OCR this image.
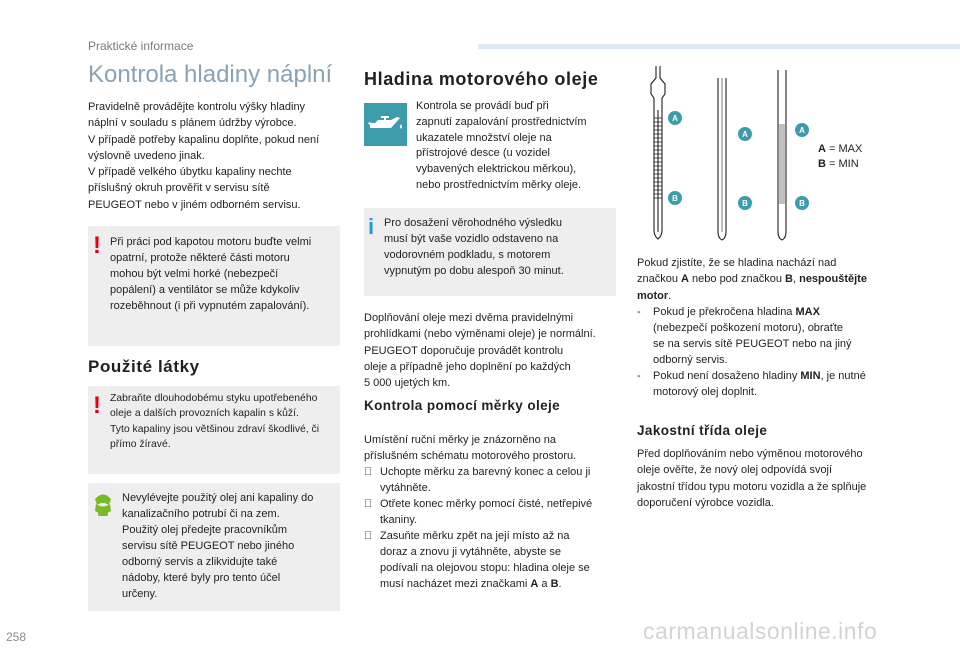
Praktické informace
Kontrola hladiny náplní

Pravidelně provádějte kontrolu výšky hladiny
náplní v souladu s plánem údržby výrobce.
V případě potřeby kapalinu doplňte, pokud není
výslovně uvedeno jinak.
V případě velkého úbytku kapaliny nechte
příslušný okruh prověřit v servisu sítě
PEUGEOT nebo v jiném odborném servisu.

! Při práci pod kapotou motoru buďte velmi
opatrní, protože některé části motoru
mohou být velmi horké (nebezpečí
popálení) a ventilátor se může kdykoliv
rozeběhnout (i při vypnutém zapalování).
Použité látky
! Zabraňte dlouhodobému styku upotřebeného
oleje a dalších provozních kapalin s kůží.
Tyto kapaliny jsou většinou zdraví škodlivé, či
přímo žíravé.
Nevylévejte použitý olej ani kapaliny do
kanalizačního potrubí či na zem.
Použitý olej předejte pracovníkům
servisu sítě PEUGEOT nebo jiného
odborný servis a zlikvidujte také
nádoby, které byly pro tento účel
určeny.
Hladina motorového oleje

Kontrola se provádí buď při
zapnutí zapalování prostřednictvím
ukazatele množství oleje na
přístrojové desce (u vozidel
vybavených elektrickou měrkou),
nebo prostřednictvím měrky oleje.

i Pro dosažení věrohodného výsledku
musí být vaše vozidlo odstaveno na
vodorovném podkladu, s motorem
vypnutým po dobu alespoň 30 minut.

Doplňování oleje mezi dvěma pravidelnými
prohlídkami (nebo výměnami oleje) je normální.
PEUGEOT doporučuje provádět kontrolu
oleje a případně jeho doplnění po každých
5 000 ujetých km.

Kontrola pomocí měrky oleje

Umístění ruční měrky je znázorněno na
příslušném schématu motorového prostoru.

Uchopte měrku za barevný konec a celou ji
vytáhněte.
Otřete konec měrky pomocí čisté, netřepivé
tkaniny.
Zasuňte měrku zpět na její místo až na
doraz a znovu ji vytáhněte, abyste se
podívali na olejovou stopu: hladina oleje se
musí nacházet mezi značkami A a B.
A
B
A
B
A
B
A = MAX
B = MIN

Pokud zjistíte, že se hladina nachází nad
značkou A nebo pod značkou B, nespouštějte
motor.

- Pokud je překročena hladina MAX
(nebezpečí poškození motoru), obraťte
se na servis sítě PEUGEOT nebo na jiný
odborný servis.
- Pokud není dosaženo hladiny MIN, je nutné
motorový olej doplnit.
Jakostní třída oleje

Před doplňováním nebo výměnou motorového
oleje ověřte, že nový olej odpovídá svojí
jakostní třídou typu motoru vozidla a že splňuje
doporučení výrobce vozidla.

258	carmanualsonline.info
